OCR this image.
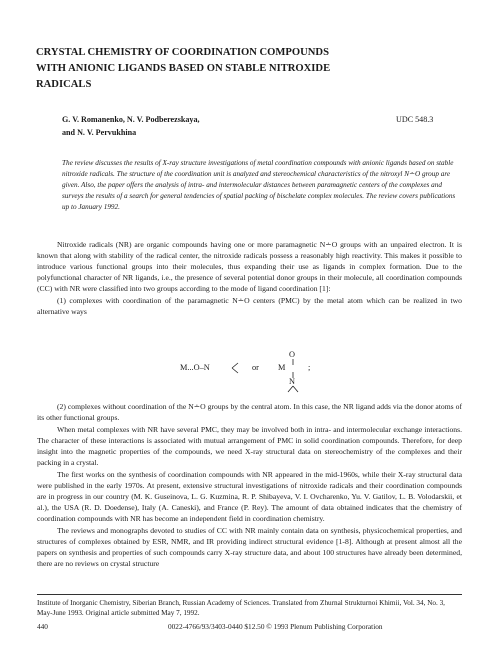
CRYSTAL CHEMISTRY OF COORDINATION COMPOUNDS
WITH ANIONIC LIGANDS BASED ON STABLE NITROXIDE
RADICALS
G. V. Romanenko, N. V. Podberezskaya,
and N. V. Pervukhina
UDC 548.3
The review discusses the results of X-ray structure investigations of metal coordination compounds with anionic ligands based on stable nitroxide radicals. The structure of the coordination unit is analyzed and stereochemical characteristics of the nitroxyl N∸O group are given. Also, the paper offers the analysis of intra- and intermolecular distances between paramagnetic centers of the complexes and surveys the results of a search for general tendencies of spatial packing of bischelate complex molecules. The review covers publications up to January 1992.

Nitroxide radicals (NR) are organic compounds having one or more paramagnetic N∸O groups with an unpaired electron. It is known that along with stability of the radical center, the nitroxide radicals possess a reasonably high reactivity. This makes it possible to introduce various functional groups into their molecules, thus expanding their use as ligands in complex formation. Due to the polyfunctional character of NR ligands, i.e., the presence of several potential donor groups in their molecule, all coordination compounds (CC) with NR were classified into two groups according to the mode of ligand coordination [1]:

(1) complexes with coordination of the paramagnetic N∸O centers (PMC) by the metal atom which can be realized in two alternative ways

M...O–N	or M
O
N
;

(2) complexes without coordination of the N∸O groups by the central atom. In this case, the NR ligand adds via the donor atoms of its other functional groups.

When metal complexes with NR have several PMC, they may be involved both in intra- and intermolecular exchange interactions. The character of these interactions is associated with mutual arrangement of PMC in solid coordination compounds. Therefore, for deep insight into the magnetic properties of the compounds, we need X-ray structural data on stereochemistry of the complexes and their packing in a crystal.

The first works on the synthesis of coordination compounds with NR appeared in the mid-1960s, while their X-ray structural data were published in the early 1970s. At present, extensive structural investigations of nitroxide radicals and their coordination compounds are in progress in our country (M. K. Guseinova, L. G. Kuzmina, R. P. Shibayeva, V. I. Ovcharenko, Yu. V. Gatilov, L. B. Volodarskii, et al.), the USA (R. D. Doedense), Italy (A. Caneski), and France (P. Rey). The amount of data obtained indicates that the chemistry of coordination compounds with NR has become an independent field in coordination chemistry.

The reviews and monographs devoted to studies of CC with NR mainly contain data on synthesis, physicochemical properties, and structures of complexes obtained by ESR, NMR, and IR providing indirect structural evidence [1-8]. Although at present almost all the papers on synthesis and properties of such compounds carry X-ray structure data, and about 100 structures have already been determined, there are no reviews on crystal structure

Institute of Inorganic Chemistry, Siberian Branch, Russian Academy of Sciences. Translated from Zhurnal Strukturnoi Khimii, Vol. 34, No. 3, May-June 1993. Original article submitted May 7, 1992.
440	0022-4766/93/3403-0440 $12.50 © 1993 Plenum Publishing Corporation
